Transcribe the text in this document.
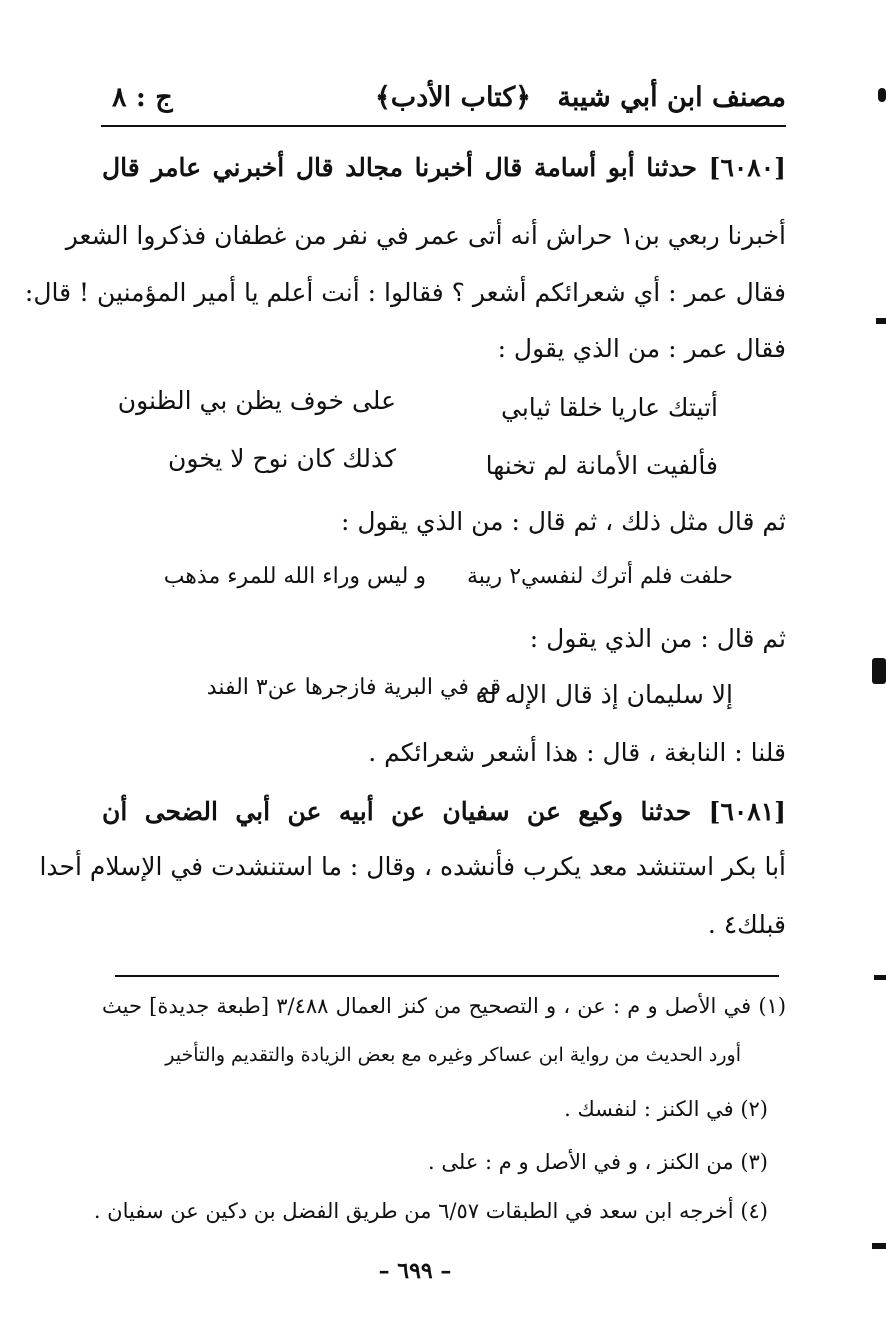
مصنف ابن أبي شيبة
﴿كتاب الأدب﴾
ج : ٨
[٦٠٨٠] حدثنا أبو أسامة قال أخبرنا مجالد قال أخبرني عامر قال
أخبرنا ربعي بن١ حراش أنه أتى عمر في نفر من غطفان فذكروا الشعر
فقال عمر : أي شعرائكم أشعر ؟ فقالوا : أنت أعلم يا أمير المؤمنين ! قال:
فقال عمر : من الذي يقول :
أتيتك عاريا خلقا ثيابي
على خوف يظن بي الظنون
فألفيت الأمانة لم تخنها
كذلك كان نوح لا يخون
ثم قال مثل ذلك ، ثم قال : من الذي يقول :
حلفت فلم أترك لنفسي٢ ريبة
و ليس وراء الله للمرء مذهب
ثم قال : من الذي يقول :
إلا سليمان إذ قال الإله له
قم في البرية فازجرها عن٣ الفند
قلنا : النابغة ، قال : هذا أشعر شعرائكم .
[٦٠٨١] حدثنا وكيع عن سفيان عن أبيه عن أبي الضحى أن
أبا بكر استنشد معد يكرب فأنشده ، وقال : ما استنشدت في الإسلام أحدا
قبلك٤ .
(١) في الأصل و م : عن ، و التصحيح من كنز العمال ٣/٤٨٨ [طبعة جديدة] حيث
أورد الحديث من رواية ابن عساكر وغيره مع بعض الزيادة والتقديم والتأخير
(٢) في الكنز : لنفسك .
(٣) من الكنز ، و في الأصل و م : على .
(٤) أخرجه ابن سعد في الطبقات ٦/٥٧ من طريق الفضل بن دكين عن سفيان .
– ٦٩٩ –
